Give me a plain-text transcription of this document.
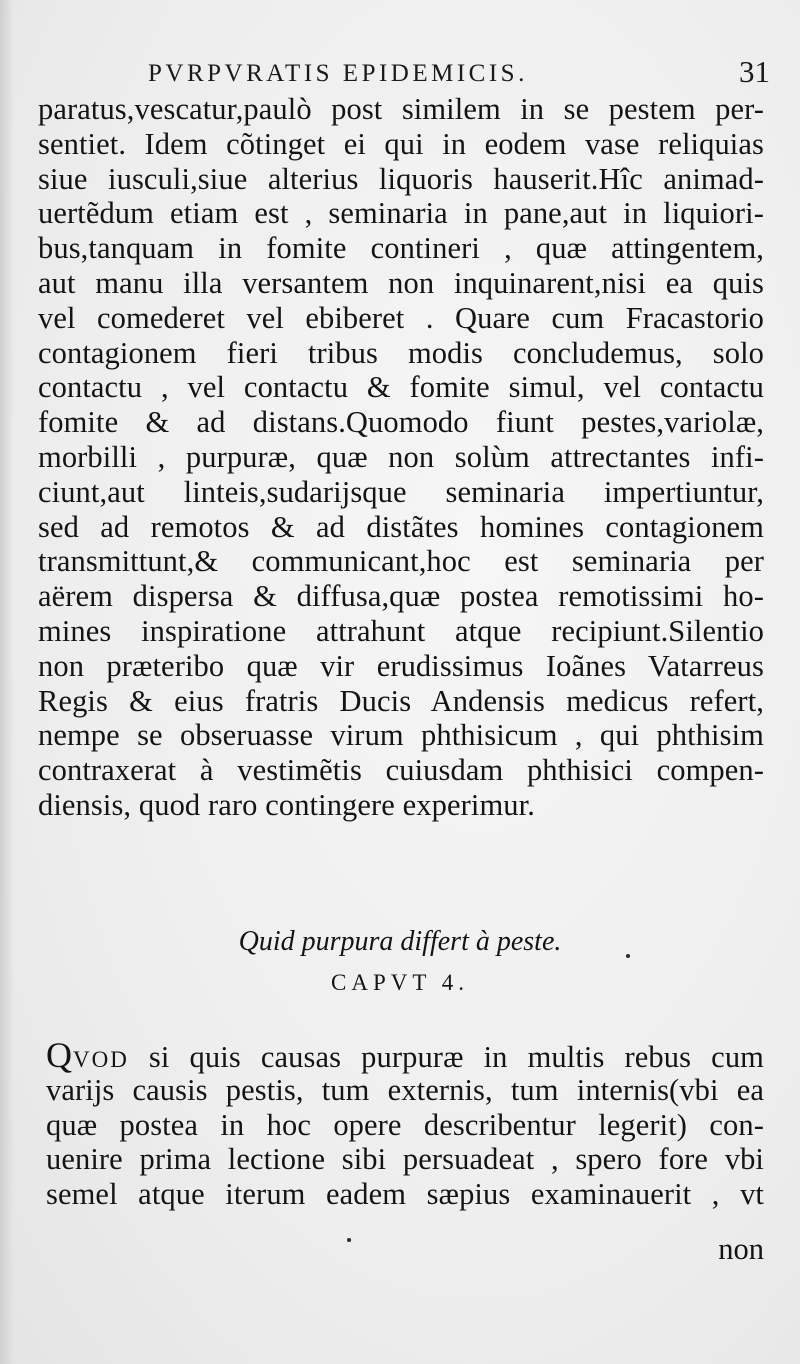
PVRPVRATIS EPIDEMICIS.	31
paratus,vescatur,paulò post similem in se pestem per-
sentiet. Idem cõtinget ei qui in eodem vase reliquias
siue iusculi,siue alterius liquoris hauserit.Hîc animad-
uertẽdum etiam est , seminaria in pane,aut in liquiori-
bus,tanquam in fomite contineri , quæ attingentem,
aut manu illa versantem non inquinarent,nisi ea quis
vel comederet vel ebiberet . Quare cum Fracastorio
contagionem fieri tribus modis concludemus, solo
contactu , vel contactu & fomite simul, vel contactu
fomite & ad distans.Quomodo fiunt pestes,variolæ,
morbilli , purpuræ, quæ non solùm attrectantes infi-
ciunt,aut linteis,sudarijsque seminaria impertiuntur,
sed ad remotos & ad distãtes homines contagionem
transmittunt,& communicant,hoc est seminaria per
aërem dispersa & diffusa,quæ postea remotissimi ho-
mines inspiratione attrahunt atque recipiunt.Silentio
non præteribo quæ vir erudissimus Ioãnes Vatarreus
Regis & eius fratris Ducis Andensis medicus refert,
nempe se obseruasse virum phthisicum , qui phthisim
contraxerat à vestimẽtis cuiusdam phthisici compen-
diensis, quod raro contingere experimur.
Quid purpura differt à peste.
CAPVT 4.
QVOD si quis causas purpuræ in multis rebus cum
varijs causis pestis, tum externis, tum internis(vbi ea
quæ postea in hoc opere describentur legerit) con-
uenire prima lectione sibi persuadeat , spero fore vbi
semel atque iterum eadem sæpius examinauerit , vt
non
